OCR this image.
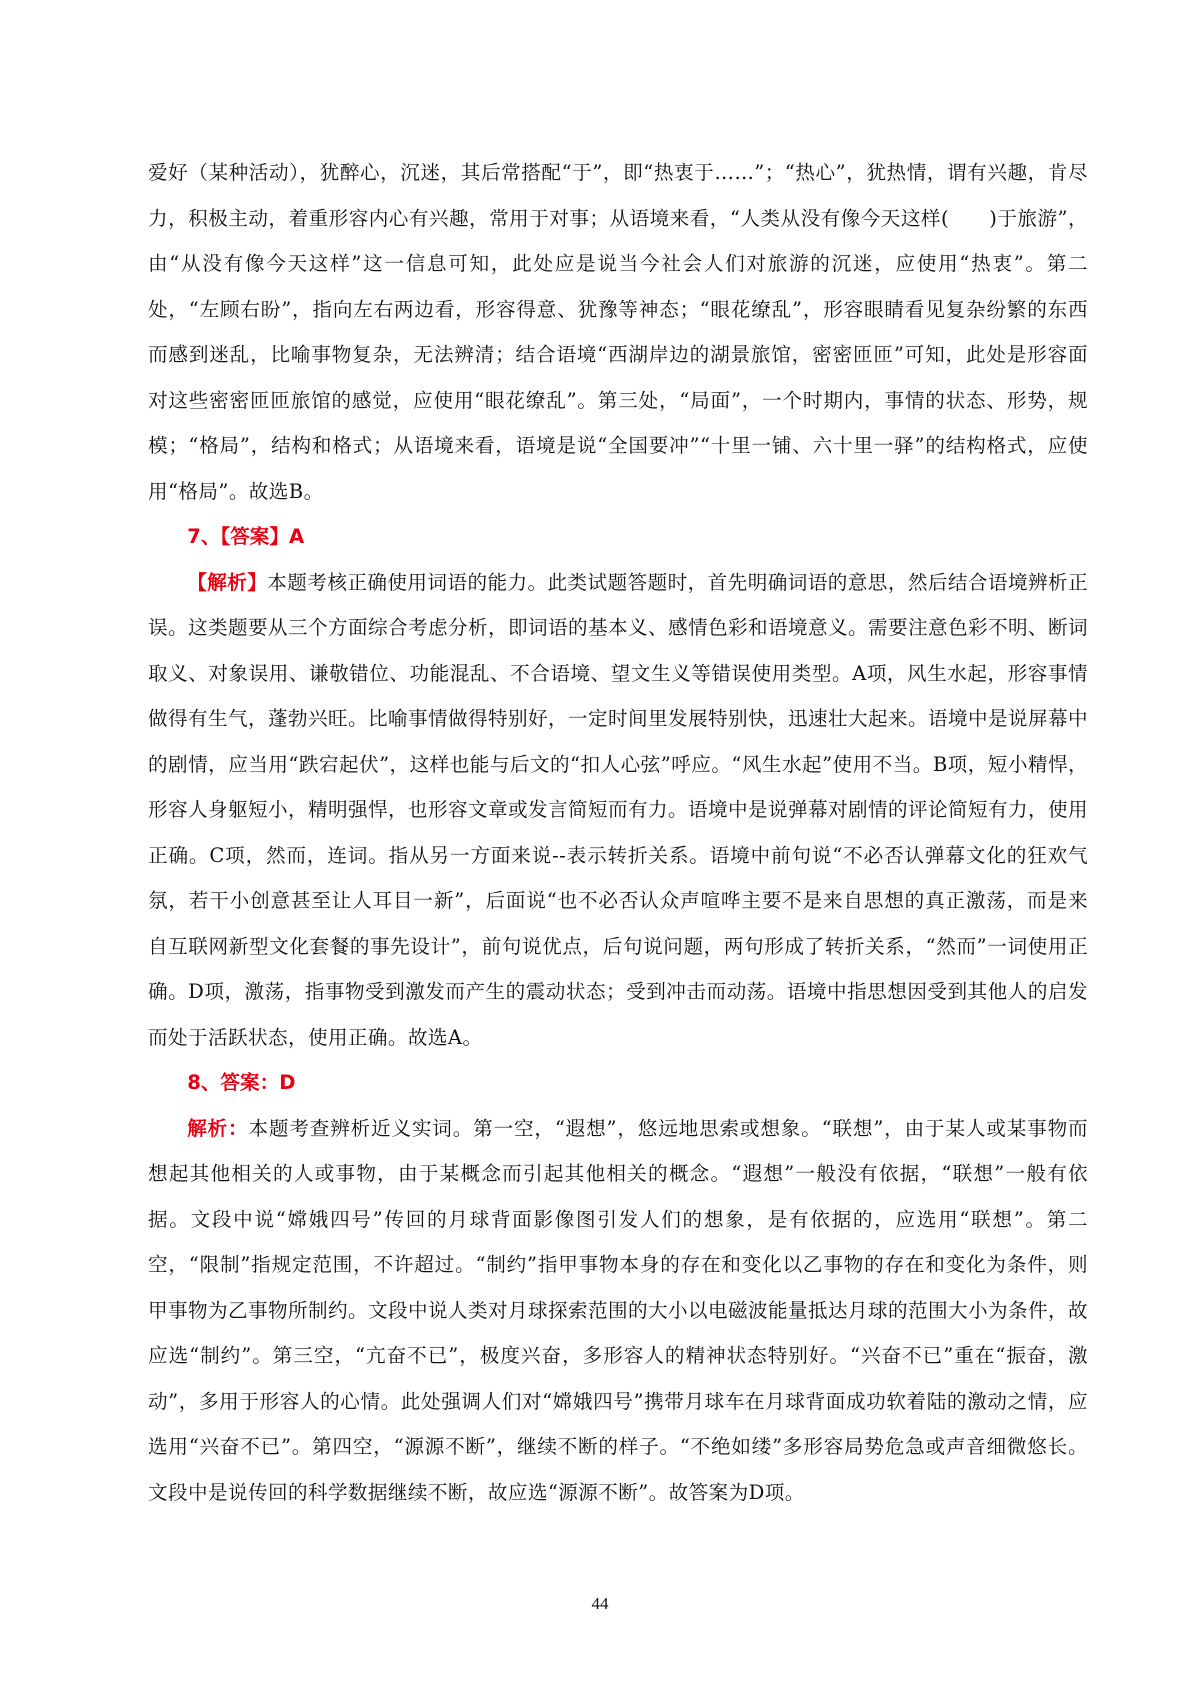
爱好（某种活动），犹醉心，沉迷，其后常搭配“于”，即“热衷于……”；“热心”，犹热情，谓有兴趣，肯尽力，积极主动，着重形容内心有兴趣，常用于对事；从语境来看，“人类从没有像今天这样(　　)于旅游”，由“从没有像今天这样”这一信息可知，此处应是说当今社会人们对旅游的沉迷，应使用“热衷”。第二处，“左顾右盼”，指向左右两边看，形容得意、犹豫等神态；“眼花缭乱”，形容眼睛看见复杂纷繁的东西而感到迷乱，比喻事物复杂，无法辨清；结合语境“西湖岸边的湖景旅馆，密密匝匝”可知，此处是形容面对这些密密匝匝旅馆的感觉，应使用“眼花缭乱”。第三处，“局面”，一个时期内，事情的状态、形势，规模；“格局”，结构和格式；从语境来看，语境是说“全国要冲”“十里一铺、六十里一驿”的结构格式，应使用“格局”。故选B。

7、【答案】A

【解析】本题考核正确使用词语的能力。此类试题答题时，首先明确词语的意思，然后结合语境辨析正误。这类题要从三个方面综合考虑分析，即词语的基本义、感情色彩和语境意义。需要注意色彩不明、断词取义、对象误用、谦敬错位、功能混乱、不合语境、望文生义等错误使用类型。A项，风生水起，形容事情做得有生气，蓬勃兴旺。比喻事情做得特别好，一定时间里发展特别快，迅速壮大起来。语境中是说屏幕中的剧情，应当用“跌宕起伏”，这样也能与后文的“扣人心弦”呼应。“风生水起”使用不当。B项，短小精悍，形容人身躯短小，精明强悍，也形容文章或发言简短而有力。语境中是说弹幕对剧情的评论简短有力，使用正确。C项，然而，连词。指从另一方面来说--表示转折关系。语境中前句说“不必否认弹幕文化的狂欢气氛，若干小创意甚至让人耳目一新”，后面说“也不必否认众声喧哗主要不是来自思想的真正激荡，而是来自互联网新型文化套餐的事先设计”，前句说优点，后句说问题，两句形成了转折关系，“然而”一词使用正确。D项，激荡，指事物受到激发而产生的震动状态；受到冲击而动荡。语境中指思想因受到其他人的启发而处于活跃状态，使用正确。故选A。

8、答案：D

解析：本题考查辨析近义实词。第一空，“遐想”，悠远地思索或想象。“联想”，由于某人或某事物而想起其他相关的人或事物，由于某概念而引起其他相关的概念。“遐想”一般没有依据，“联想”一般有依据。文段中说“嫦娥四号”传回的月球背面影像图引发人们的想象，是有依据的，应选用“联想”。第二空，“限制”指规定范围，不许超过。“制约”指甲事物本身的存在和变化以乙事物的存在和变化为条件，则甲事物为乙事物所制约。文段中说人类对月球探索范围的大小以电磁波能量抵达月球的范围大小为条件，故应选“制约”。第三空，“亢奋不已”，极度兴奋，多形容人的精神状态特别好。“兴奋不已”重在“振奋，激动”，多用于形容人的心情。此处强调人们对“嫦娥四号”携带月球车在月球背面成功软着陆的激动之情，应选用“兴奋不已”。第四空，“源源不断”，继续不断的样子。“不绝如缕”多形容局势危急或声音细微悠长。文段中是说传回的科学数据继续不断，故应选“源源不断”。故答案为D项。

44
